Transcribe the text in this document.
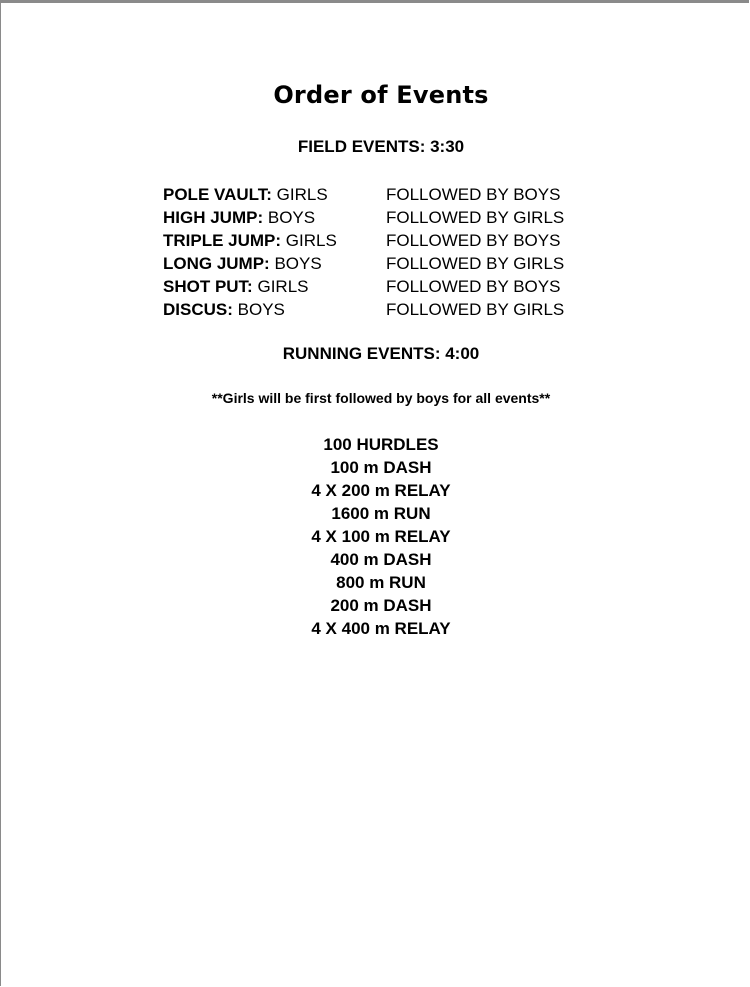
Order of Events
FIELD EVENTS: 3:30
POLE VAULT: GIRLS	FOLLOWED BY BOYS
HIGH JUMP: BOYS	FOLLOWED BY GIRLS
TRIPLE JUMP: GIRLS	FOLLOWED BY BOYS
LONG JUMP: BOYS	FOLLOWED BY GIRLS
SHOT PUT: GIRLS	FOLLOWED BY BOYS
DISCUS: BOYS	FOLLOWED BY GIRLS
RUNNING EVENTS: 4:00
**Girls will be first followed by boys for all events**
100 HURDLES
100 m DASH
4 X 200 m RELAY
1600 m RUN
4 X 100 m RELAY
400 m DASH
800 m RUN
200 m DASH
4 X 400 m RELAY
